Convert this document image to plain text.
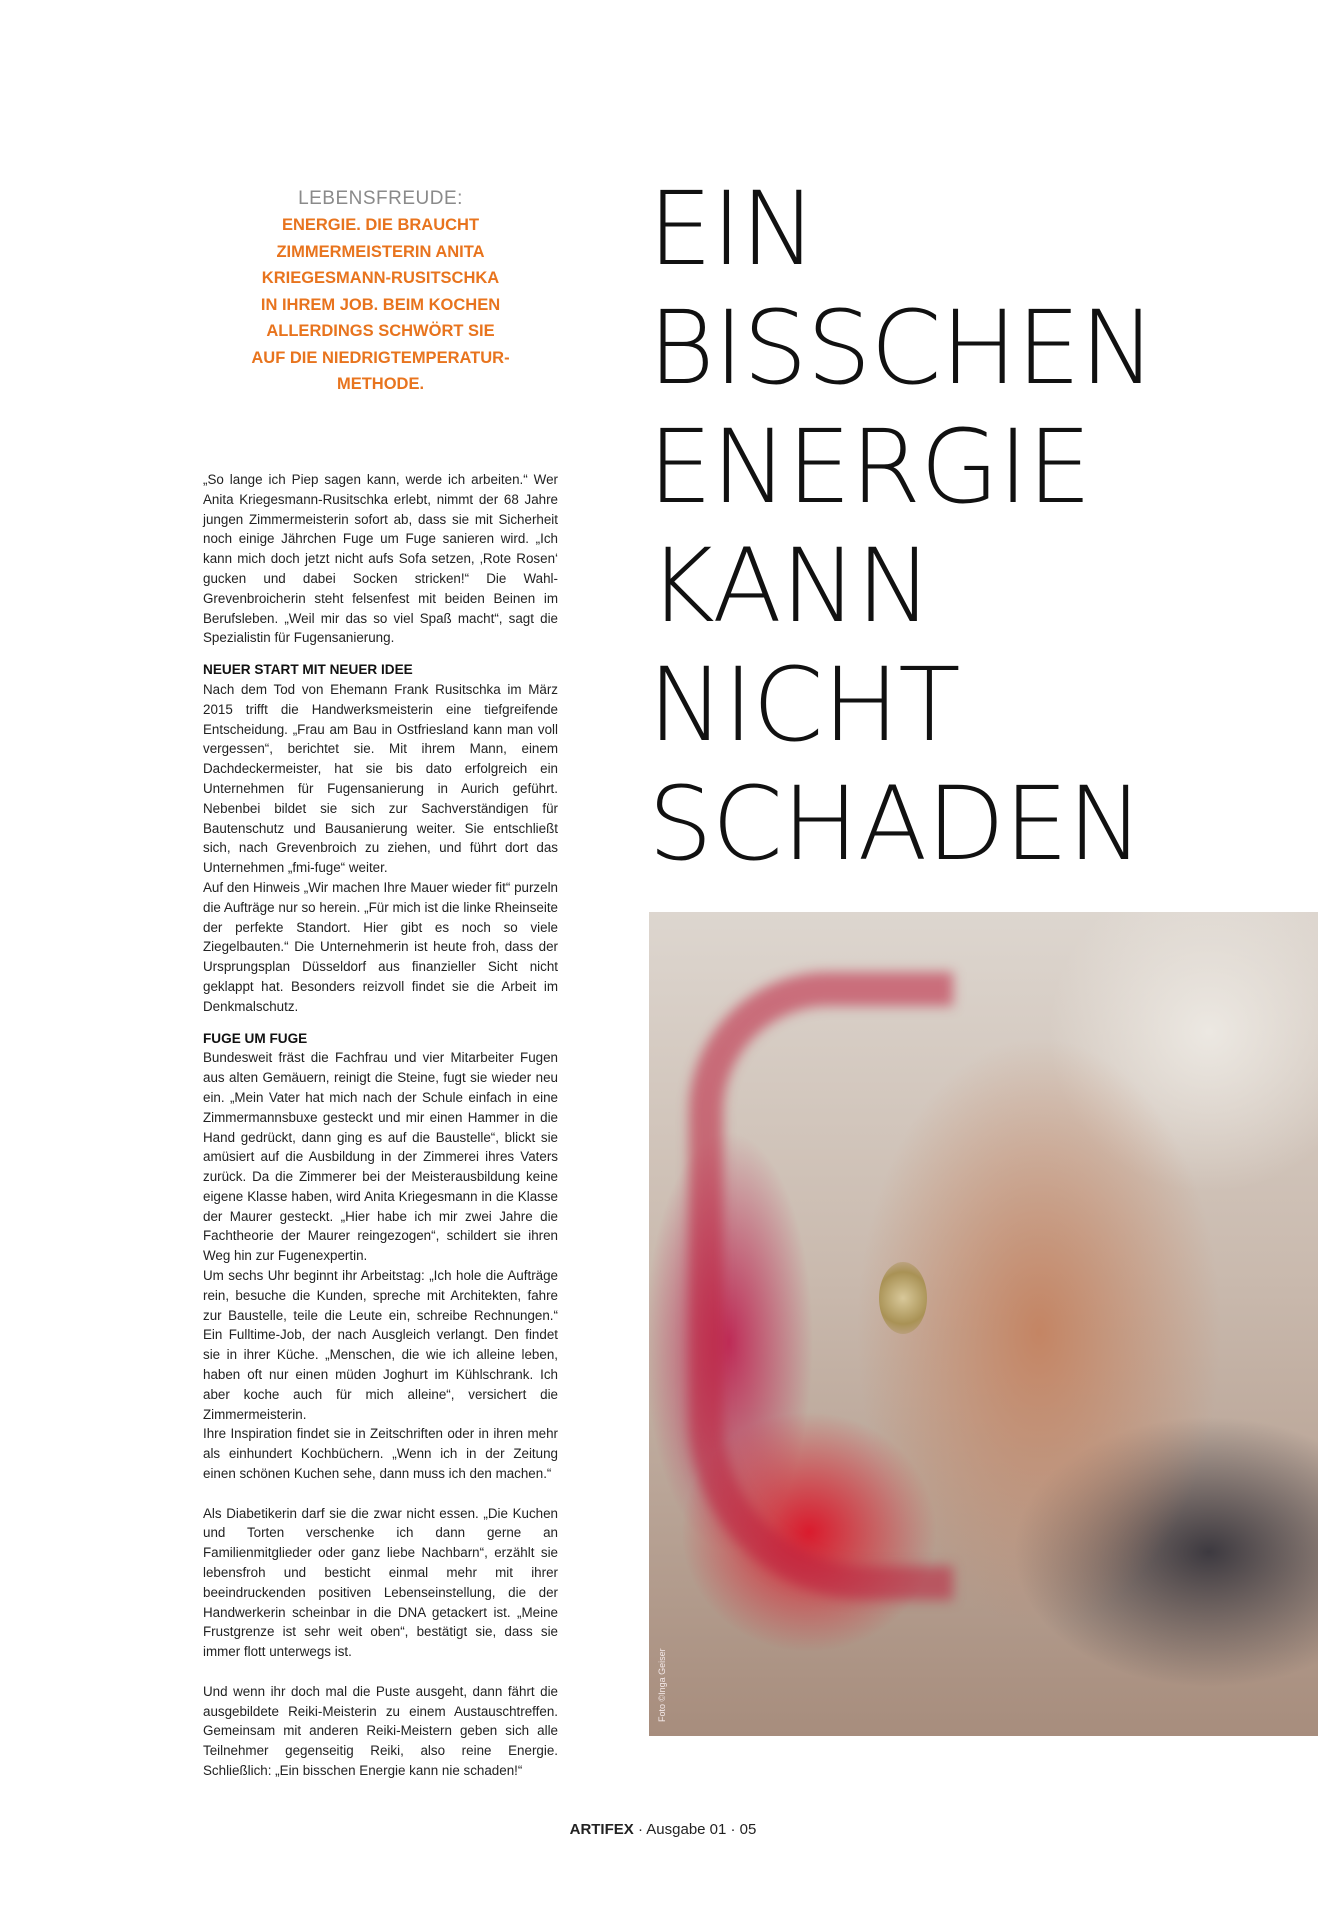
LEBENSFREUDE:

ENERGIE. DIE BRAUCHT
ZIMMERMEISTERIN ANITA
KRIEGESMANN-RUSITSCHKA
IN IHREM JOB. BEIM KOCHEN
ALLERDINGS SCHWÖRT SIE
AUF DIE NIEDRIGTEMPERATUR-
METHODE.

„So lange ich Piep sagen kann, werde ich arbeiten.“ Wer Anita Kriegesmann-Rusitschka erlebt, nimmt der 68 Jahre jungen Zimmermeisterin sofort ab, dass sie mit Sicherheit noch einige Jährchen Fuge um Fuge sanieren wird. „Ich kann mich doch jetzt nicht aufs Sofa setzen, ‚Rote Rosen‘ gucken und dabei Socken stricken!“ Die Wahl-Grevenbroicherin steht felsenfest mit beiden Beinen im Berufsleben. „Weil mir das so viel Spaß macht“, sagt die Spezialistin für Fugensanierung.

NEUER START MIT NEUER IDEE

Nach dem Tod von Ehemann Frank Rusitschka im März 2015 trifft die Handwerksmeisterin eine tiefgreifende Entscheidung. „Frau am Bau in Ostfriesland kann man voll vergessen“, berichtet sie. Mit ihrem Mann, einem Dachdeckermeister, hat sie bis dato erfolgreich ein Unternehmen für Fugensanierung in Aurich geführt. Nebenbei bildet sie sich zur Sachverständigen für Bautenschutz und Bausanierung weiter. Sie entschließt sich, nach Grevenbroich zu ziehen, und führt dort das Unternehmen „fmi-fuge“ weiter.

Auf den Hinweis „Wir machen Ihre Mauer wieder fit“ purzeln die Aufträge nur so herein. „Für mich ist die linke Rheinseite der perfekte Standort. Hier gibt es noch so viele Ziegelbauten.“ Die Unternehmerin ist heute froh, dass der Ursprungsplan Düsseldorf aus finanzieller Sicht nicht geklappt hat. Besonders reizvoll findet sie die Arbeit im Denkmalschutz.

FUGE UM FUGE

Bundesweit fräst die Fachfrau und vier Mitarbeiter Fugen aus alten Gemäuern, reinigt die Steine, fugt sie wieder neu ein. „Mein Vater hat mich nach der Schule einfach in eine Zimmermannsbuxe gesteckt und mir einen Hammer in die Hand gedrückt, dann ging es auf die Baustelle“, blickt sie amüsiert auf die Ausbildung in der Zimmerei ihres Vaters zurück. Da die Zimmerer bei der Meisterausbildung keine eigene Klasse haben, wird Anita Kriegesmann in die Klasse der Maurer gesteckt. „Hier habe ich mir zwei Jahre die Fachtheorie der Maurer reingezogen“, schildert sie ihren Weg hin zur Fugenexpertin.

Um sechs Uhr beginnt ihr Arbeitstag: „Ich hole die Aufträge rein, besuche die Kunden, spreche mit Architekten, fahre zur Baustelle, teile die Leute ein, schreibe Rechnungen.“ Ein Fulltime-Job, der nach Ausgleich verlangt. Den findet sie in ihrer Küche. „Menschen, die wie ich alleine leben, haben oft nur einen müden Joghurt im Kühlschrank. Ich aber koche auch für mich alleine“, versichert die Zimmermeisterin.

Ihre Inspiration findet sie in Zeitschriften oder in ihren mehr als einhundert Kochbüchern. „Wenn ich in der Zeitung einen schönen Kuchen sehe, dann muss ich den machen.“

Als Diabetikerin darf sie die zwar nicht essen. „Die Kuchen und Torten verschenke ich dann gerne an Familienmitglieder oder ganz liebe Nachbarn“, erzählt sie lebensfroh und besticht einmal mehr mit ihrer beeindruckenden positiven Lebenseinstellung, die der Handwerkerin scheinbar in die DNA getackert ist. „Meine Frustgrenze ist sehr weit oben“, bestätigt sie, dass sie immer flott unterwegs ist.

Und wenn ihr doch mal die Puste ausgeht, dann fährt die ausgebildete Reiki-Meisterin zu einem Austauschtreffen. Gemeinsam mit anderen Reiki-Meistern geben sich alle Teilnehmer gegenseitig Reiki, also reine Energie. Schließlich: „Ein bisschen Energie kann nie schaden!“

EIN
BISSCHEN
ENERGIE
KANN
NICHT
SCHADEN
Foto ©Inga Geiser
ARTIFEX · Ausgabe 01 · 05
